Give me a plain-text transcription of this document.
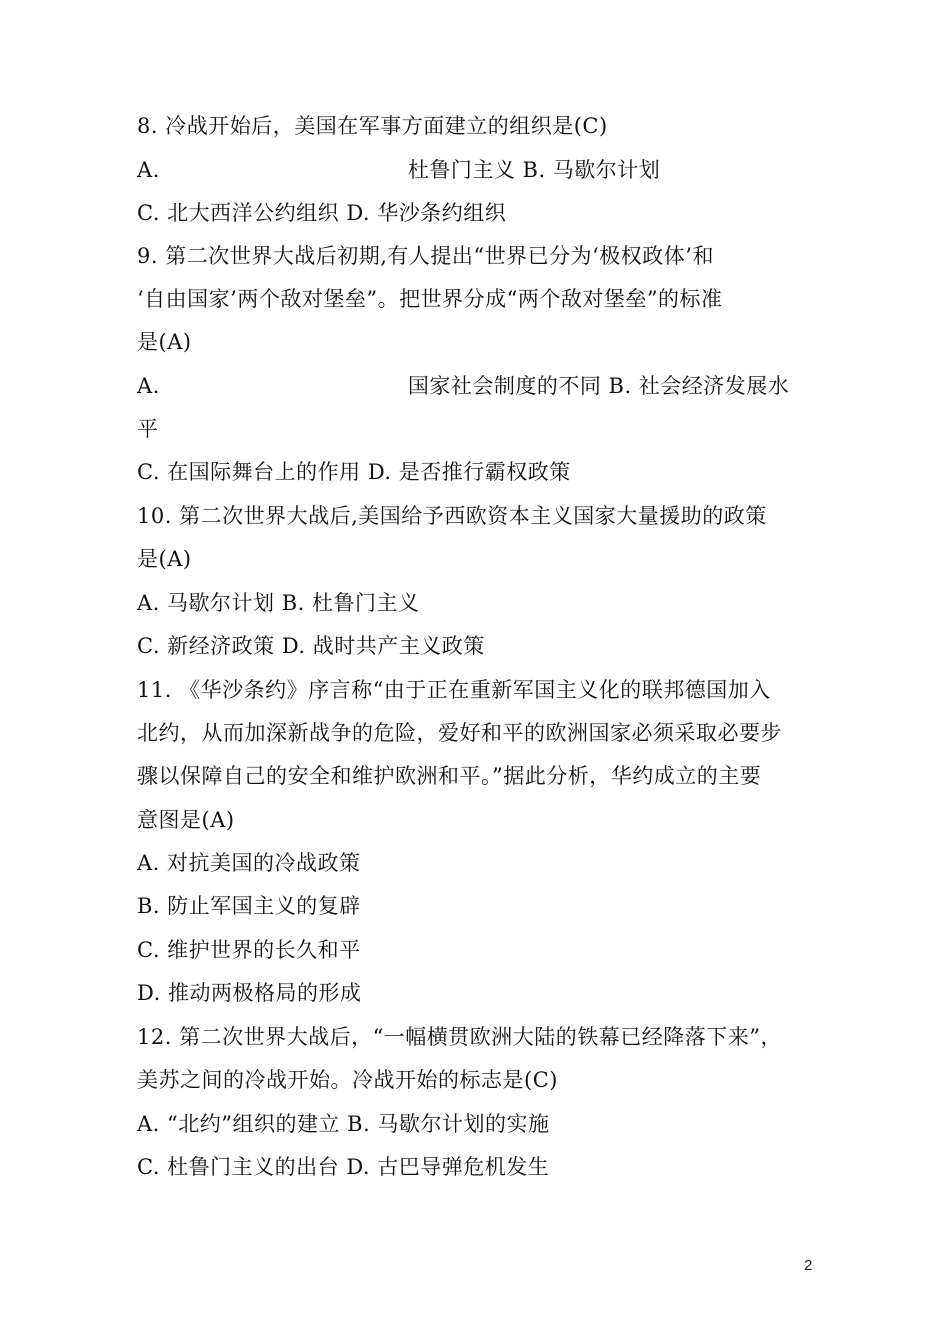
8. 冷战开始后，美国在军事方面建立的组织是(C)
A.	杜鲁门主义 B. 马歇尔计划
C. 北大西洋公约组织 D. 华沙条约组织
9. 第二次世界大战后初期,有人提出“世界已分为‘极权政体’和
‘自由国家’两个敌对堡垒”。把世界分成“两个敌对堡垒”的标准
是(A)
A.	国家社会制度的不同 B. 社会经济发展水
平
C. 在国际舞台上的作用 D. 是否推行霸权政策
10. 第二次世界大战后,美国给予西欧资本主义国家大量援助的政策
是(A)
A. 马歇尔计划 B. 杜鲁门主义
C. 新经济政策 D. 战时共产主义政策
11. 《华沙条约》序言称“由于正在重新军国主义化的联邦德国加入
北约，从而加深新战争的危险，爱好和平的欧洲国家必须采取必要步
骤以保障自己的安全和维护欧洲和平。”据此分析，华约成立的主要
意图是(A)
A. 对抗美国的冷战政策
B. 防止军国主义的复辟
C. 维护世界的长久和平
D. 推动两极格局的形成
12. 第二次世界大战后，“一幅横贯欧洲大陆的铁幕已经降落下来”，
美苏之间的冷战开始。冷战开始的标志是(C)
A. “北约”组织的建立 B. 马歇尔计划的实施
C. 杜鲁门主义的出台 D. 古巴导弹危机发生
2
